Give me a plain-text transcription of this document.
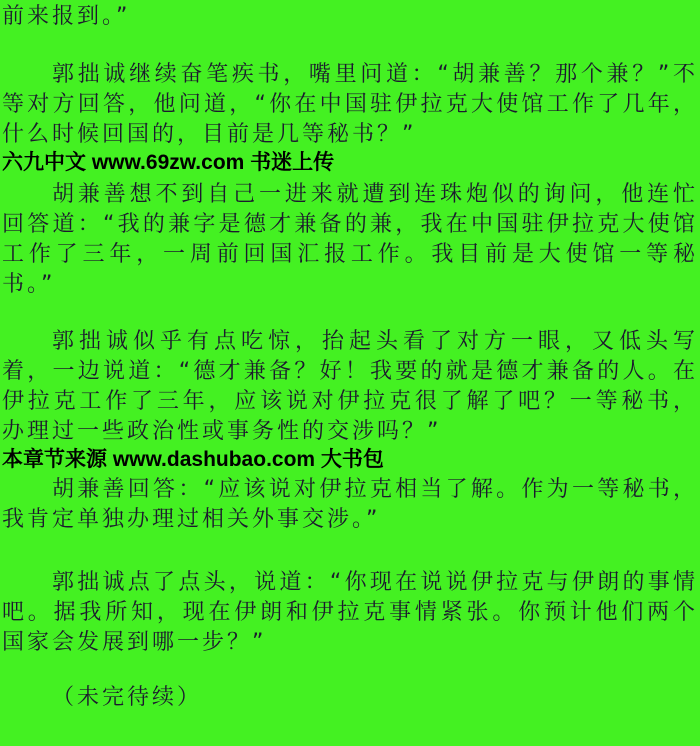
前来报到。”

郭拙诚继续奋笔疾书，嘴里问道：“胡兼善？那个兼？”不等对方回答，他问道，“你在中国驻伊拉克大使馆工作了几年，什么时候回国的，目前是几等秘书？”

六九中文 www.69zw.com 书迷上传

胡兼善想不到自己一进来就遭到连珠炮似的询问，他连忙回答道：“我的兼字是德才兼备的兼，我在中国驻伊拉克大使馆工作了三年，一周前回国汇报工作。我目前是大使馆一等秘书。”

郭拙诚似乎有点吃惊，抬起头看了对方一眼，又低头写着，一边说道：“德才兼备？好！我要的就是德才兼备的人。在伊拉克工作了三年，应该说对伊拉克很了解了吧？一等秘书，办理过一些政治性或事务性的交涉吗？”

本章节来源 www.dashubao.com 大书包

胡兼善回答：“应该说对伊拉克相当了解。作为一等秘书，我肯定单独办理过相关外事交涉。”

郭拙诚点了点头，说道：“你现在说说伊拉克与伊朗的事情吧。据我所知，现在伊朗和伊拉克事情紧张。你预计他们两个国家会发展到哪一步？”

（未完待续）
